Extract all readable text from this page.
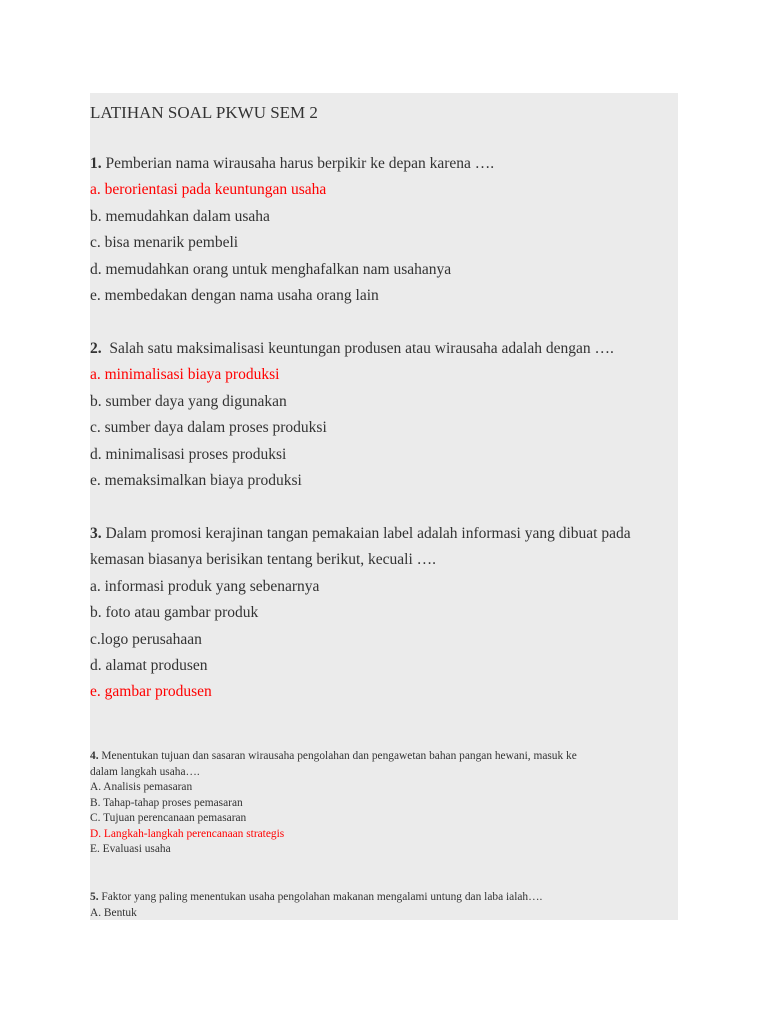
LATIHAN SOAL PKWU SEM 2
1. Pemberian nama wirausaha harus berpikir ke depan karena ….
a. berorientasi pada keuntungan usaha
b. memudahkan dalam usaha
c. bisa menarik pembeli
d. memudahkan orang untuk menghafalkan nam usahanya
e. membedakan dengan nama usaha orang lain
2.  Salah satu maksimalisasi keuntungan produsen atau wirausaha adalah dengan ….
a. minimalisasi biaya produksi
b. sumber daya yang digunakan
c. sumber daya dalam proses produksi
d. minimalisasi proses produksi
e. memaksimalkan biaya produksi
3. Dalam promosi kerajinan tangan pemakaian label adalah informasi yang dibuat pada
kemasan biasanya berisikan tentang berikut, kecuali ….
a. informasi produk yang sebenarnya
b. foto atau gambar produk
c.logo perusahaan
d. alamat produsen
e. gambar produsen
4. Menentukan tujuan dan sasaran wirausaha pengolahan dan pengawetan bahan pangan hewani, masuk ke
dalam langkah usaha….
A. Analisis pemasaran
B. Tahap-tahap proses pemasaran
C. Tujuan perencanaan pemasaran
D. Langkah-langkah perencanaan strategis
E. Evaluasi usaha
5. Faktor yang paling menentukan usaha pengolahan makanan mengalami untung dan laba ialah….
A. Bentuk
